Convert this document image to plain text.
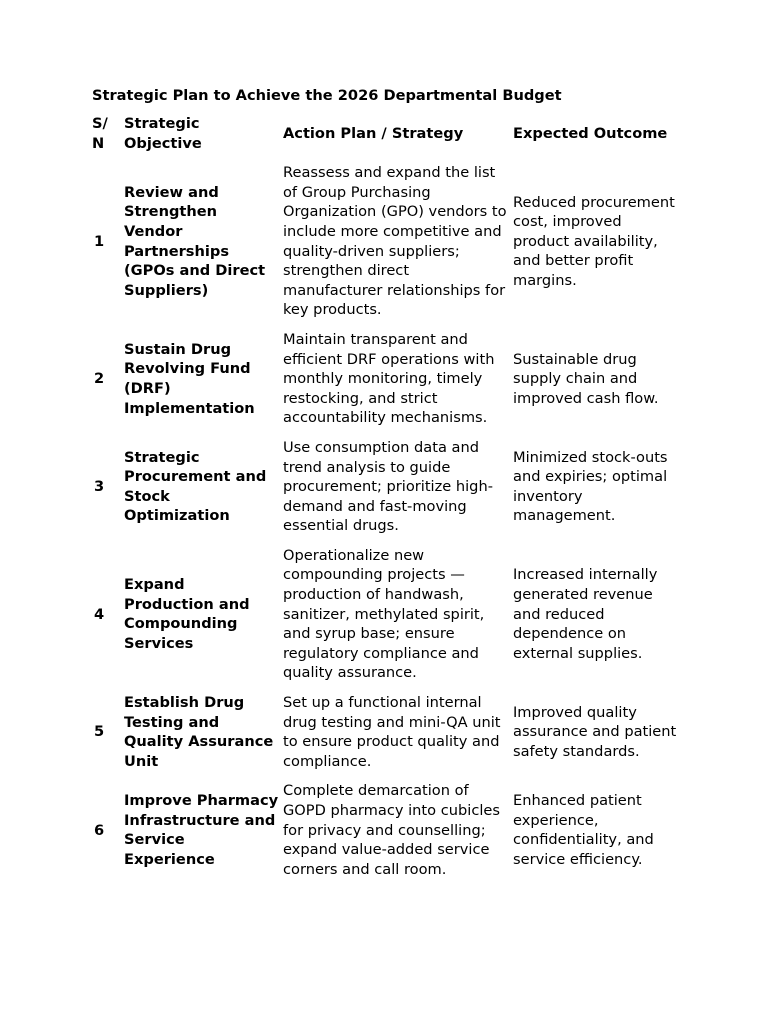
Strategic Plan to Achieve the 2026 Departmental Budget
S/ N	Strategic Objective	Action Plan / Strategy	Expected Outcome
1	Review and Strengthen Vendor Partnerships (GPOs and Direct Suppliers)	Reassess and expand the list of Group Purchasing Organization (GPO) vendors to include more competitive and quality-driven suppliers; strengthen direct manufacturer relationships for key products.	Reduced procurement cost, improved product availability, and better profit margins.
2	Sustain Drug Revolving Fund (DRF) Implementation	Maintain transparent and efficient DRF operations with monthly monitoring, timely restocking, and strict accountability mechanisms.	Sustainable drug supply chain and improved cash flow.
3	Strategic Procurement and Stock Optimization	Use consumption data and trend analysis to guide procurement; prioritize high-demand and fast-moving essential drugs.	Minimized stock-outs and expiries; optimal inventory management.
4	Expand Production and Compounding Services	Operationalize new compounding projects — production of handwash, sanitizer, methylated spirit, and syrup base; ensure regulatory compliance and quality assurance.	Increased internally generated revenue and reduced dependence on external supplies.
5	Establish Drug Testing and Quality Assurance Unit	Set up a functional internal drug testing and mini-QA unit to ensure product quality and compliance.	Improved quality assurance and patient safety standards.
6	Improve Pharmacy Infrastructure and Service Experience	Complete demarcation of GOPD pharmacy into cubicles for privacy and counselling; expand value-added service corners and call room.	Enhanced patient experience, confidentiality, and service efficiency.
